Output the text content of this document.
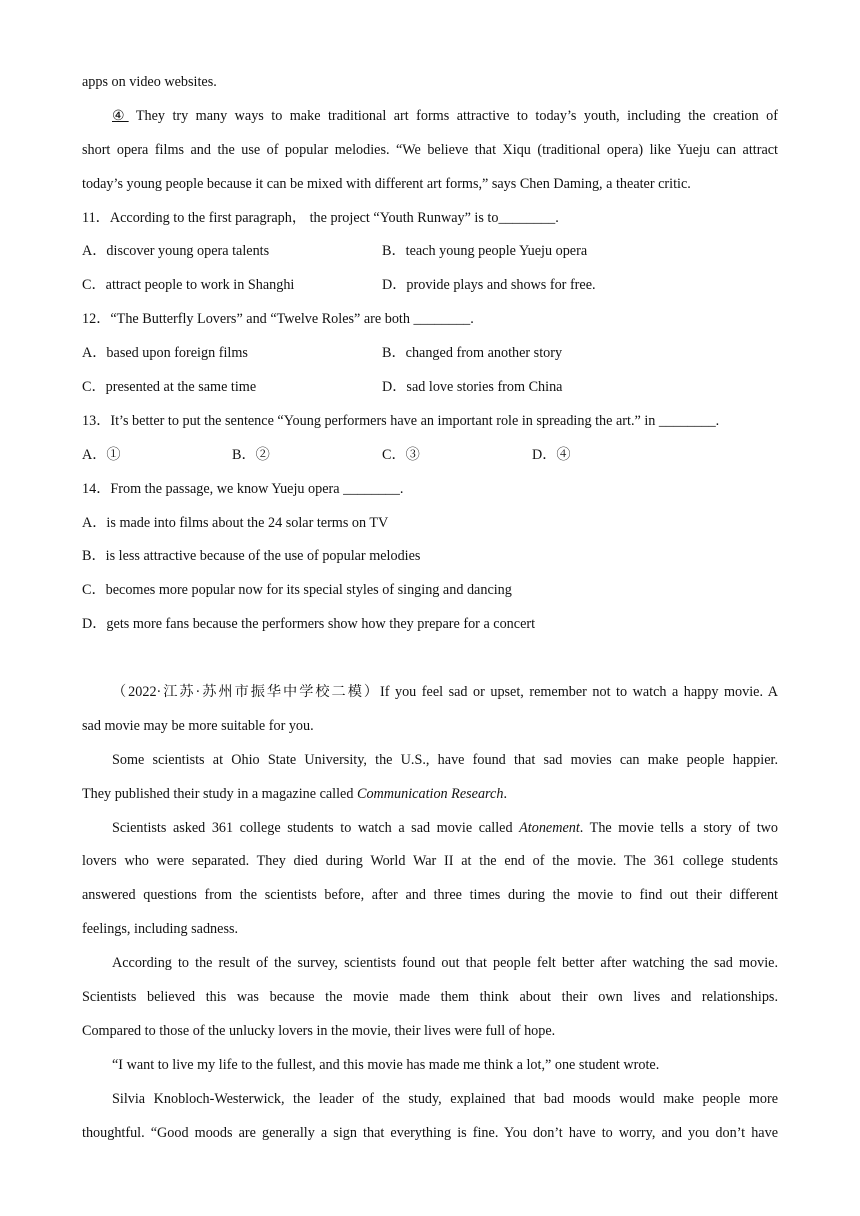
apps on video websites.
④ They try many ways to make traditional art forms attractive to today’s youth, including the creation of
short opera films and the use of popular melodies. “We believe that Xiqu (traditional opera) like Yueju can attract
today’s young people because it can be mixed with different art forms,” says Chen Daming, a theater critic.
11．According to the first paragraph， the project “Youth Runway” is to________.
A．discover young opera talents	B．teach young people Yueju opera
C．attract people to work in Shanghi	D．provide plays and shows for free.
12．“The Butterfly Lovers” and “Twelve Roles” are both ________.
A．based upon foreign films	B．changed from another story
C．presented at the same time	D．sad love stories from China
13．It’s better to put the sentence “Young performers have an important role in spreading the art.” in ________.
A．①	B．②	C．③	D．④
14．From the passage, we know Yueju opera ________.
A．is made into films about the 24 solar terms on TV
B．is less attractive because of the use of popular melodies
C．becomes more popular now for its special styles of singing and dancing
D．gets more fans because the performers show how they prepare for a concert
（2022·江苏·苏州市振华中学校二模）If you feel sad or upset, remember not to watch a happy movie. A
sad movie may be more suitable for you.
Some scientists at Ohio State University, the U.S., have found that sad movies can make people happier.
They published their study in a magazine called Communication Research.
Scientists asked 361 college students to watch a sad movie called Atonement. The movie tells a story of two
lovers who were separated. They died during World War II at the end of the movie. The 361 college students
answered questions from the scientists before, after and three times during the movie to find out their different
feelings, including sadness.
According to the result of the survey, scientists found out that people felt better after watching the sad movie.
Scientists believed this was because the movie made them think about their own lives and relationships.
Compared to those of the unlucky lovers in the movie, their lives were full of hope.
“I want to live my life to the fullest, and this movie has made me think a lot,” one student wrote.
Silvia Knobloch-Westerwick, the leader of the study, explained that bad moods would make people more
thoughtful. “Good moods are generally a sign that everything is fine. You don’t have to worry, and you don’t have
